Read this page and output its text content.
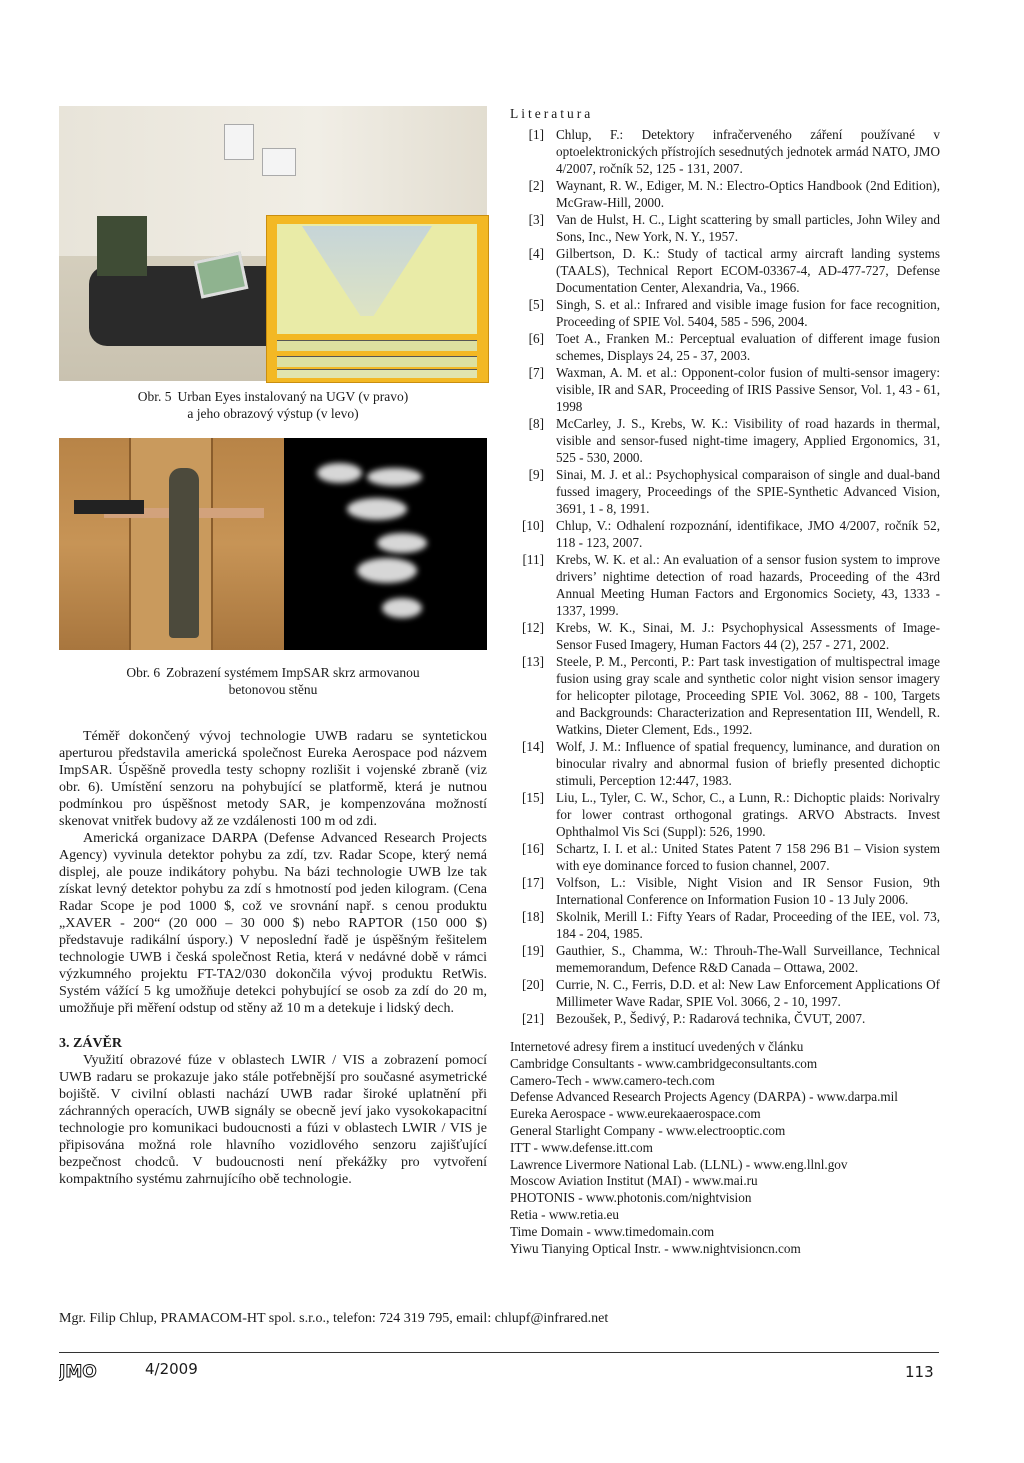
Obr. 5 Urban Eyes instalovaný na UGV (v pravo)
a jeho obrazový výstup (v levo)
Obr. 6 Zobrazení systémem ImpSAR skrz armovanou
betonovou stěnu

Téměř dokončený vývoj technologie UWB radaru se syntetickou aperturou představila americká společnost Eureka Aerospace pod názvem ImpSAR. Úspěšně provedla testy schopny rozlišit i vojenské zbraně (viz obr. 6). Umístění senzoru na pohybující se platformě, která je nutnou podmínkou pro úspěšnost metody SAR, je kompenzována možností skenovat vnitřek budovy až ze vzdálenosti 100 m od zdi.

Americká organizace DARPA (Defense Advanced Research Projects Agency) vyvinula detektor pohybu za zdí, tzv. Radar Scope, který nemá displej, ale pouze indikátory pohybu. Na bázi technologie UWB lze tak získat levný detektor pohybu za zdí s hmotností pod jeden kilogram. (Cena Radar Scope je pod 1000 $, což ve srovnání např. s cenou produktu „XAVER - 200“ (20 000 – 30 000 $) nebo RAPTOR (150 000 $) představuje radikální úspory.) V neposlední řadě je úspěšným řešitelem technologie UWB i česká společnost Retia, která v nedávné době v rámci výzkumného projektu FT-TA2/030 dokončila vývoj produktu RetWis. Systém vážící 5 kg umožňuje detekci pohybující se osob za zdí do 20 m, umožňuje při měření odstup od stěny až 10 m a detekuje i lidský dech.

3. ZÁVĚR

Využití obrazové fúze v oblastech LWIR / VIS a zobrazení pomocí UWB radaru se prokazuje jako stále potřebnější pro současné asymetrické bojiště. V civilní oblasti nachází UWB radar široké uplatnění při záchranných operacích, UWB signály se obecně jeví jako vysokokapacitní technologie pro komunikaci budoucnosti a fúzi v oblastech LWIR / VIS je připisována možná role hlavního vozidlového senzoru zajišťující bezpečnost chodců. V budoucnosti není překážky pro vytvoření kompaktního systému zahrnujícího obě technologie.

Literatura
[1] Chlup, F.: Detektory infračerveného záření používané v optoelektronických přístrojích sesednutých jednotek armád NATO, JMO 4/2007, ročník 52, 125 - 131, 2007.
[2] Waynant, R. W., Ediger, M. N.: Electro-Optics Handbook (2nd Edition), McGraw-Hill, 2000.
[3] Van de Hulst, H. C., Light scattering by small particles, John Wiley and Sons, Inc., New York, N. Y., 1957.
[4] Gilbertson, D. K.: Study of tactical army aircraft landing systems (TAALS), Technical Report ECOM-03367-4, AD-477-727, Defense Documentation Center, Alexandria, Va., 1966.
[5] Singh, S. et al.: Infrared and visible image fusion for face recognition, Proceeding of SPIE Vol. 5404, 585 - 596, 2004.
[6] Toet A., Franken M.: Perceptual evaluation of different image fusion schemes, Displays 24, 25 - 37, 2003.
[7] Waxman, A. M. et al.: Opponent-color fusion of multi-sensor imagery: visible, IR and SAR, Proceeding of IRIS Passive Sensor, Vol. 1, 43 - 61, 1998
[8] McCarley, J. S., Krebs, W. K.: Visibility of road hazards in thermal, visible and sensor-fused night-time imagery, Applied Ergonomics, 31, 525 - 530, 2000.
[9] Sinai, M. J. et al.: Psychophysical comparaison of single and dual-band fussed imagery, Proceedings of the SPIE-Synthetic Advanced Vision, 3691, 1 - 8, 1991.
[10] Chlup, V.: Odhalení rozpoznání, identifikace, JMO 4/2007, ročník 52, 118 - 123, 2007.
[11] Krebs, W. K. et al.: An evaluation of a sensor fusion system to improve drivers’ nightime detection of road hazards, Proceeding of the 43rd Annual Meeting Human Factors and Ergonomics Society, 43, 1333 - 1337, 1999.
[12] Krebs, W. K., Sinai, M. J.: Psychophysical Assessments of Image-Sensor Fused Imagery, Human Factors 44 (2), 257 - 271, 2002.
[13] Steele, P. M., Perconti, P.: Part task investigation of multispectral image fusion using gray scale and synthetic color night vision sensor imagery for helicopter pilotage, Proceeding SPIE Vol. 3062, 88 - 100, Targets and Backgrounds: Characterization and Representation III, Wendell, R. Watkins, Dieter Clement, Eds., 1992.
[14] Wolf, J. M.: Influence of spatial frequency, luminance, and duration on binocular rivalry and abnormal fusion of briefly presented dichoptic stimuli, Perception 12:447, 1983.
[15] Liu, L., Tyler, C. W., Schor, C., a Lunn, R.: Dichoptic plaids: Norivalry for lower contrast orthogonal gratings. ARVO Abstracts. Invest Ophthalmol Vis Sci (Suppl): 526, 1990.
[16] Schartz, I. I. et al.: United States Patent 7 158 296 B1 – Vision system with eye dominance forced to fusion channel, 2007.
[17] Volfson, L.: Visible, Night Vision and IR Sensor Fusion, 9th International Conference on Information Fusion 10 - 13 July 2006.
[18] Skolnik, Merill I.: Fifty Years of Radar, Proceeding of the IEE, vol. 73, 184 - 204, 1985.
[19] Gauthier, S., Chamma, W.: Throuh-The-Wall Surveillance, Technical mememorandum, Defence R&D Canada – Ottawa, 2002.
[20] Currie, N. C., Ferris, D.D. et al: New Law Enforcement Applications Of Millimeter Wave Radar, SPIE Vol. 3066, 2 - 10, 1997.
[21] Bezoušek, P., Šedivý, P.: Radarová technika, ČVUT, 2007.
Internetové adresy firem a institucí uvedených v článku
Cambridge Consultants - www.cambridgeconsultants.com
Camero-Tech - www.camero-tech.com
Defense Advanced Research Projects Agency (DARPA) - www.darpa.mil
Eureka Aerospace - www.eurekaaerospace.com
General Starlight Company - www.electrooptic.com
ITT - www.defense.itt.com
Lawrence Livermore National Lab. (LLNL) - www.eng.llnl.gov
Moscow Aviation Institut (MAI) - www.mai.ru
PHOTONIS - www.photonis.com/nightvision
Retia - www.retia.eu
Time Domain - www.timedomain.com
Yiwu Tianying Optical Instr. - www.nightvisioncn.com
Mgr. Filip Chlup, PRAMACOM-HT spol. s.r.o., telefon: 724 319 795, email: chlupf@infrared.net
JMO	4/2009	113
